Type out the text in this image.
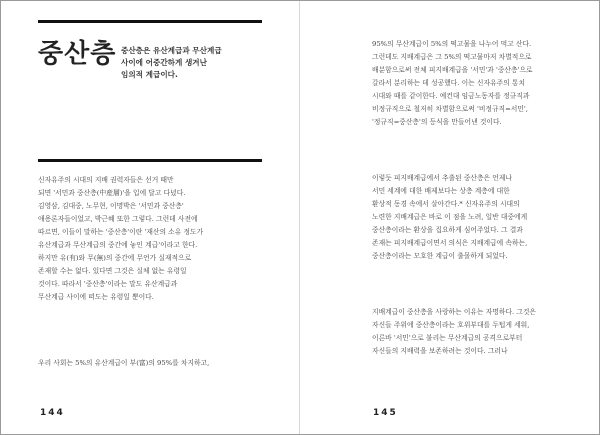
중산층 중산층은 유산계급과 무산계급
사이에 어중간하게 생겨난
임의적 계급이다.
신자유주의 시대의 지배 권력자들은 선거 때만
되면 '서민과 중산층(中産層)'을 입에 달고 다녔다.
김영삼, 김대중, 노무현, 이명박은 '서민과 중산층'
애용론자들이었고, 박근혜 또한 그렇다. 그런데 사전에
따르면, 이들이 말하는 '중산층'이란 '재산의 소유 정도가
유산계급과 무산계급의 중간에 놓인 계급'이라고 한다.
하지만 유(有)와 무(無)의 중간에 무언가 실재적으로
존재할 수는 없다. 있다면 그것은 실체 없는 유령일
것이다. 따라서 '중산층'이라는 말도 유산계급과
무산계급 사이에 떠도는 유령일 뿐이다.
우리 사회는 5%의 유산계급이 부(富)의 95%를 차지하고,
144
95%의 무산계급이 5%의 떡고물을 나누어 먹고 산다.
그런데도 지배계급은 그 5%의 떡고물마저 차별적으로
배분함으로써 전체 피지배계급을 '서민'과 '중산층'으로
갈라서 분리하는 데 성공했다. 이는 신자유주의 통치
시대와 때를 같이한다. 예컨대 임금노동자를 정규직과
비정규직으로 철저히 차별함으로써 '비정규직=서민',
'정규직=중산층'의 등식을 만들어낸 것이다.
이렇듯 피지배계급에서 추출된 중산층은 언제나
서민 세계에 대한 배제보다는 상층 계층에 대한
환상적 동경 속에서 살아간다.* 신자유주의 시대의
노련한 지배계급은 바로 이 점을 노려, 일반 대중에게
중산층이라는 환상을 집요하게 심어주었다. 그 결과
존재는 피지배계급이면서 의식은 지배계급에 속하는,
중산층이라는 모호한 계급이 출몰하게 되었다.
지배계급이 중산층을 사랑하는 이유는 자명하다. 그것은
자신들 주위에 중산층이라는 호위부대를 두텁게 세워,
이른바 '서민'으로 불리는 무산계급의 공격으로부터
자신들의 지배력을 보존하려는 것이다. 그러나
145
